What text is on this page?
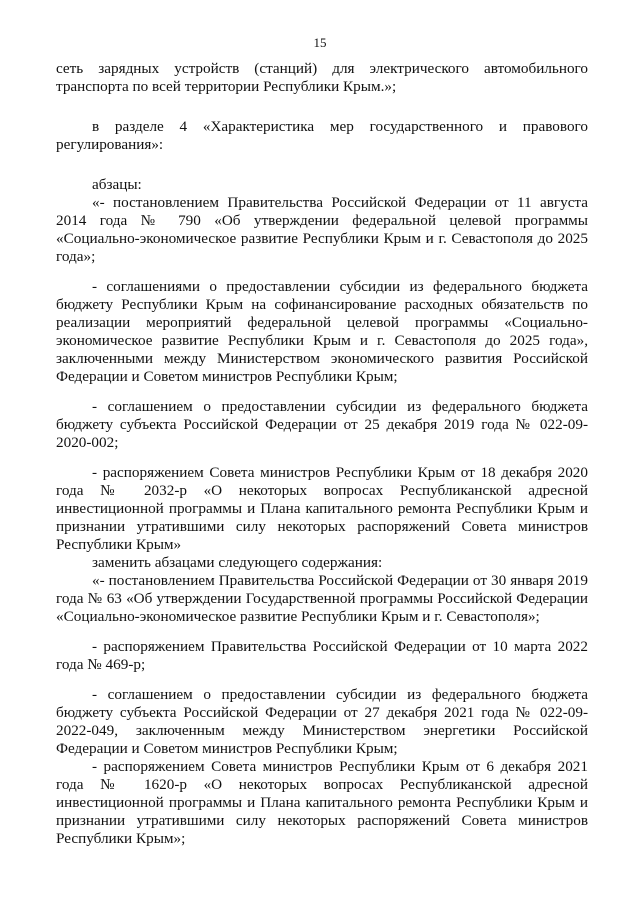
15

сеть зарядных устройств (станций) для электрического автомобильного транспорта по всей территории Республики Крым.»;

в разделе 4 «Характеристика мер государственного и правового регулирования»:

абзацы:

«- постановлением Правительства Российской Федерации от 11 августа 2014 года № 790 «Об утверждении федеральной целевой программы «Социально-экономическое развитие Республики Крым и г. Севастополя до 2025 года»;

- соглашениями о предоставлении субсидии из федерального бюджета бюджету Республики Крым на софинансирование расходных обязательств по реализации мероприятий федеральной целевой программы «Социально-экономическое развитие Республики Крым и г. Севастополя до 2025 года», заключенными между Министерством экономического развития Российской Федерации и Советом министров Республики Крым;

- соглашением о предоставлении субсидии из федерального бюджета бюджету субъекта Российской Федерации от 25 декабря 2019 года № 022-09-2020-002;

- распоряжением Совета министров Республики Крым от 18 декабря 2020 года № 2032-р «О некоторых вопросах Республиканской адресной инвестиционной программы и Плана капитального ремонта Республики Крым и признании утратившими силу некоторых распоряжений Совета министров Республики Крым»

заменить абзацами следующего содержания:

«- постановлением Правительства Российской Федерации от 30 января 2019 года № 63 «Об утверждении Государственной программы Российской Федерации «Социально-экономическое развитие Республики Крым и г. Севастополя»;

- распоряжением Правительства Российской Федерации от 10 марта 2022 года № 469-р;

- соглашением о предоставлении субсидии из федерального бюджета бюджету субъекта Российской Федерации от 27 декабря 2021 года № 022-09-2022-049, заключенным между Министерством энергетики Российской Федерации и Советом министров Республики Крым;

- распоряжением Совета министров Республики Крым от 6 декабря 2021 года № 1620-р «О некоторых вопросах Республиканской адресной инвестиционной программы и Плана капитального ремонта Республики Крым и признании утратившими силу некоторых распоряжений Совета министров Республики Крым»;
